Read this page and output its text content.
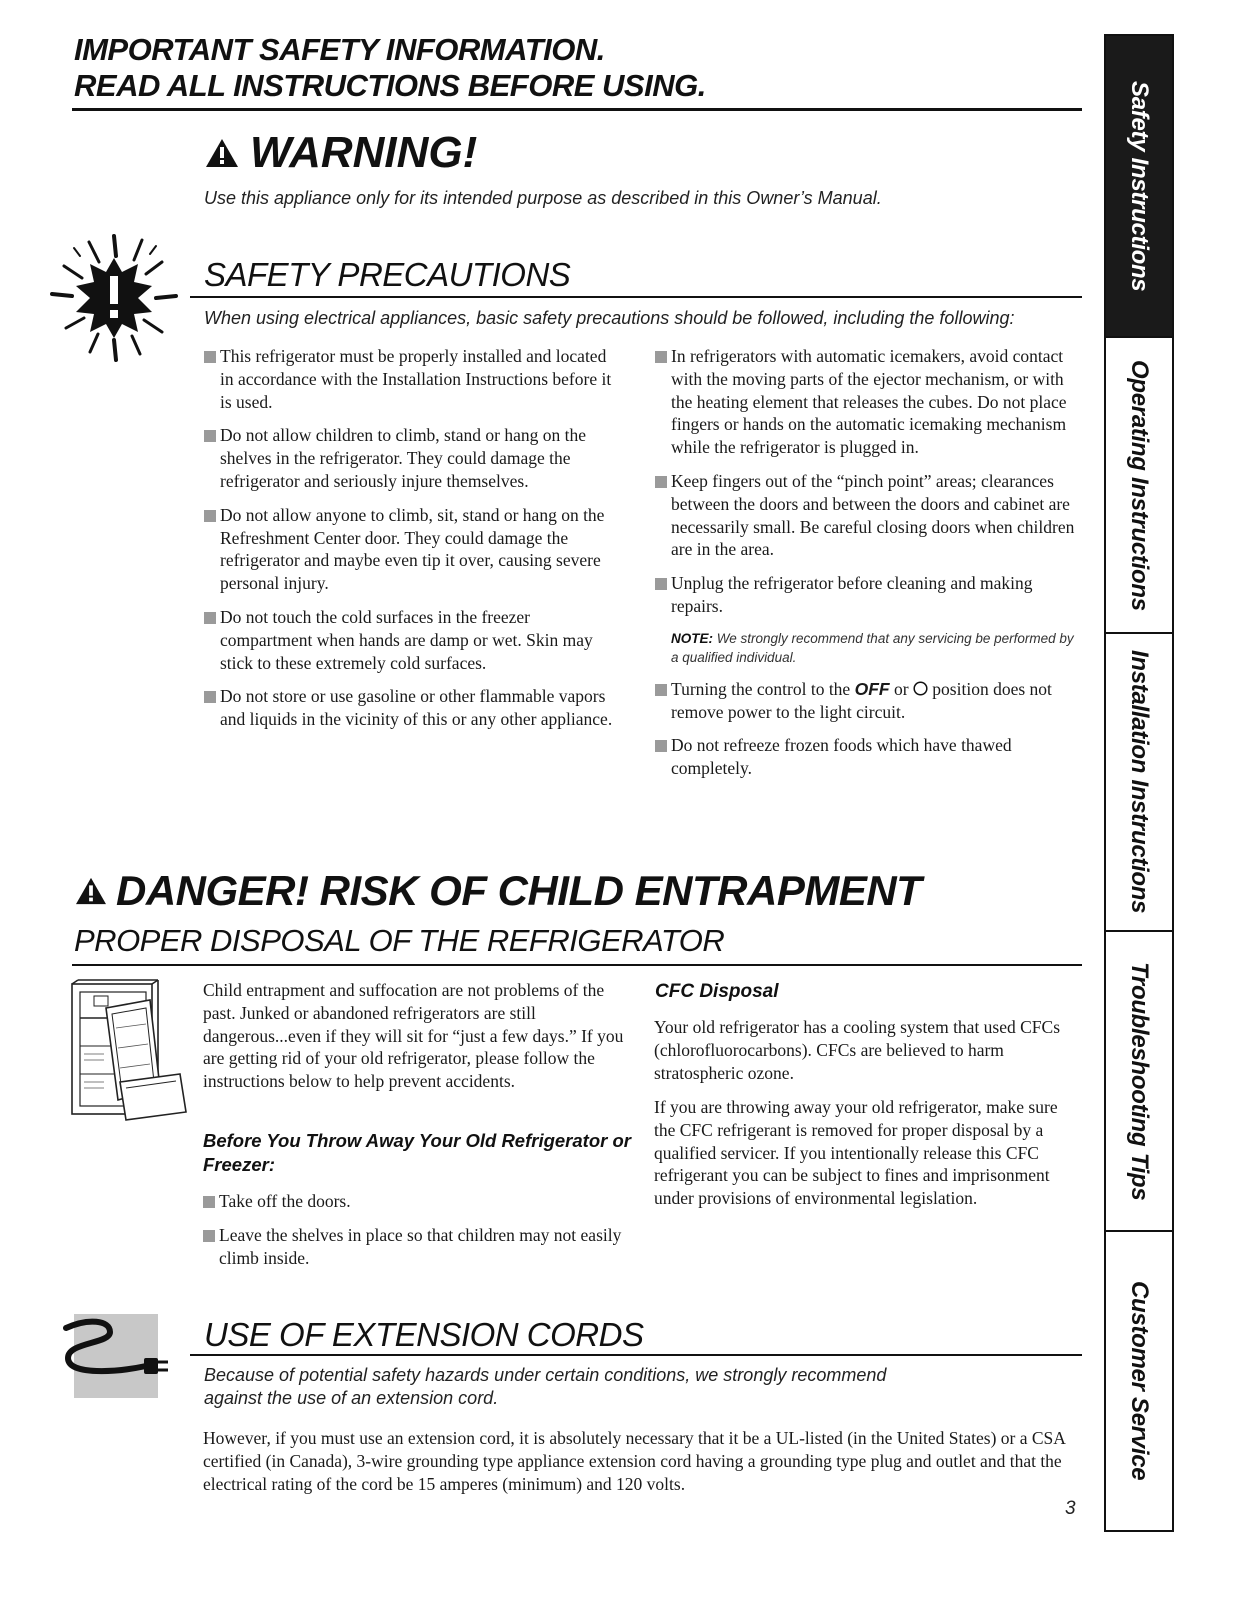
IMPORTANT SAFETY INFORMATION.
READ ALL INSTRUCTIONS BEFORE USING.
WARNING!
Use this appliance only for its intended purpose as described in this Owner’s Manual.
SAFETY PRECAUTIONS
When using electrical appliances, basic safety precautions should be followed, including the following:
This refrigerator must be properly installed and located in accordance with the Installation Instructions before it is used.
Do not allow children to climb, stand or hang on the shelves in the refrigerator. They could damage the refrigerator and seriously injure themselves.
Do not allow anyone to climb, sit, stand or hang on the Refreshment Center door. They could damage the refrigerator and maybe even tip it over, causing severe personal injury.
Do not touch the cold surfaces in the freezer compartment when hands are damp or wet. Skin may stick to these extremely cold surfaces.
Do not store or use gasoline or other flammable vapors and liquids in the vicinity of this or any other appliance.
In refrigerators with automatic icemakers, avoid contact with the moving parts of the ejector mechanism, or with the heating element that releases the cubes. Do not place fingers or hands on the automatic icemaking mechanism while the refrigerator is plugged in.
Keep fingers out of the “pinch point” areas; clearances between the doors and between the doors and cabinet are necessarily small. Be careful closing doors when children are in the area.
Unplug the refrigerator before cleaning and making repairs.
NOTE: We strongly recommend that any servicing be performed by a qualified individual.
Turning the control to the OFF or  position does not remove power to the light circuit.
Do not refreeze frozen foods which have thawed completely.
DANGER! RISK OF CHILD ENTRAPMENT
PROPER DISPOSAL OF THE REFRIGERATOR
Child entrapment and suffocation are not problems of the past. Junked or abandoned refrigerators are still dangerous...even if they will sit for “just a few days.” If you are getting rid of your old refrigerator, please follow the instructions below to help prevent accidents.
Before You Throw Away Your Old Refrigerator or Freezer:
Take off the doors.
Leave the shelves in place so that children may not easily climb inside.
CFC Disposal
Your old refrigerator has a cooling system that used CFCs (chlorofluorocarbons). CFCs are believed to harm stratospheric ozone.
If you are throwing away your old refrigerator, make sure the CFC refrigerant is removed for proper disposal by a qualified servicer. If you intentionally release this CFC refrigerant you can be subject to fines and imprisonment under provisions of environmental legislation.
USE OF EXTENSION CORDS
Because of potential safety hazards under certain conditions, we strongly recommend against the use of an extension cord.
However, if you must use an extension cord, it is absolutely necessary that it be a UL-listed (in the United States) or a CSA certified (in Canada), 3-wire grounding type appliance extension cord having a grounding type plug and outlet and that the electrical rating of the cord be 15 amperes (minimum) and 120 volts.
Safety Instructions
Operating Instructions
Installation Instructions
Troubleshooting Tips
Customer Service
3
